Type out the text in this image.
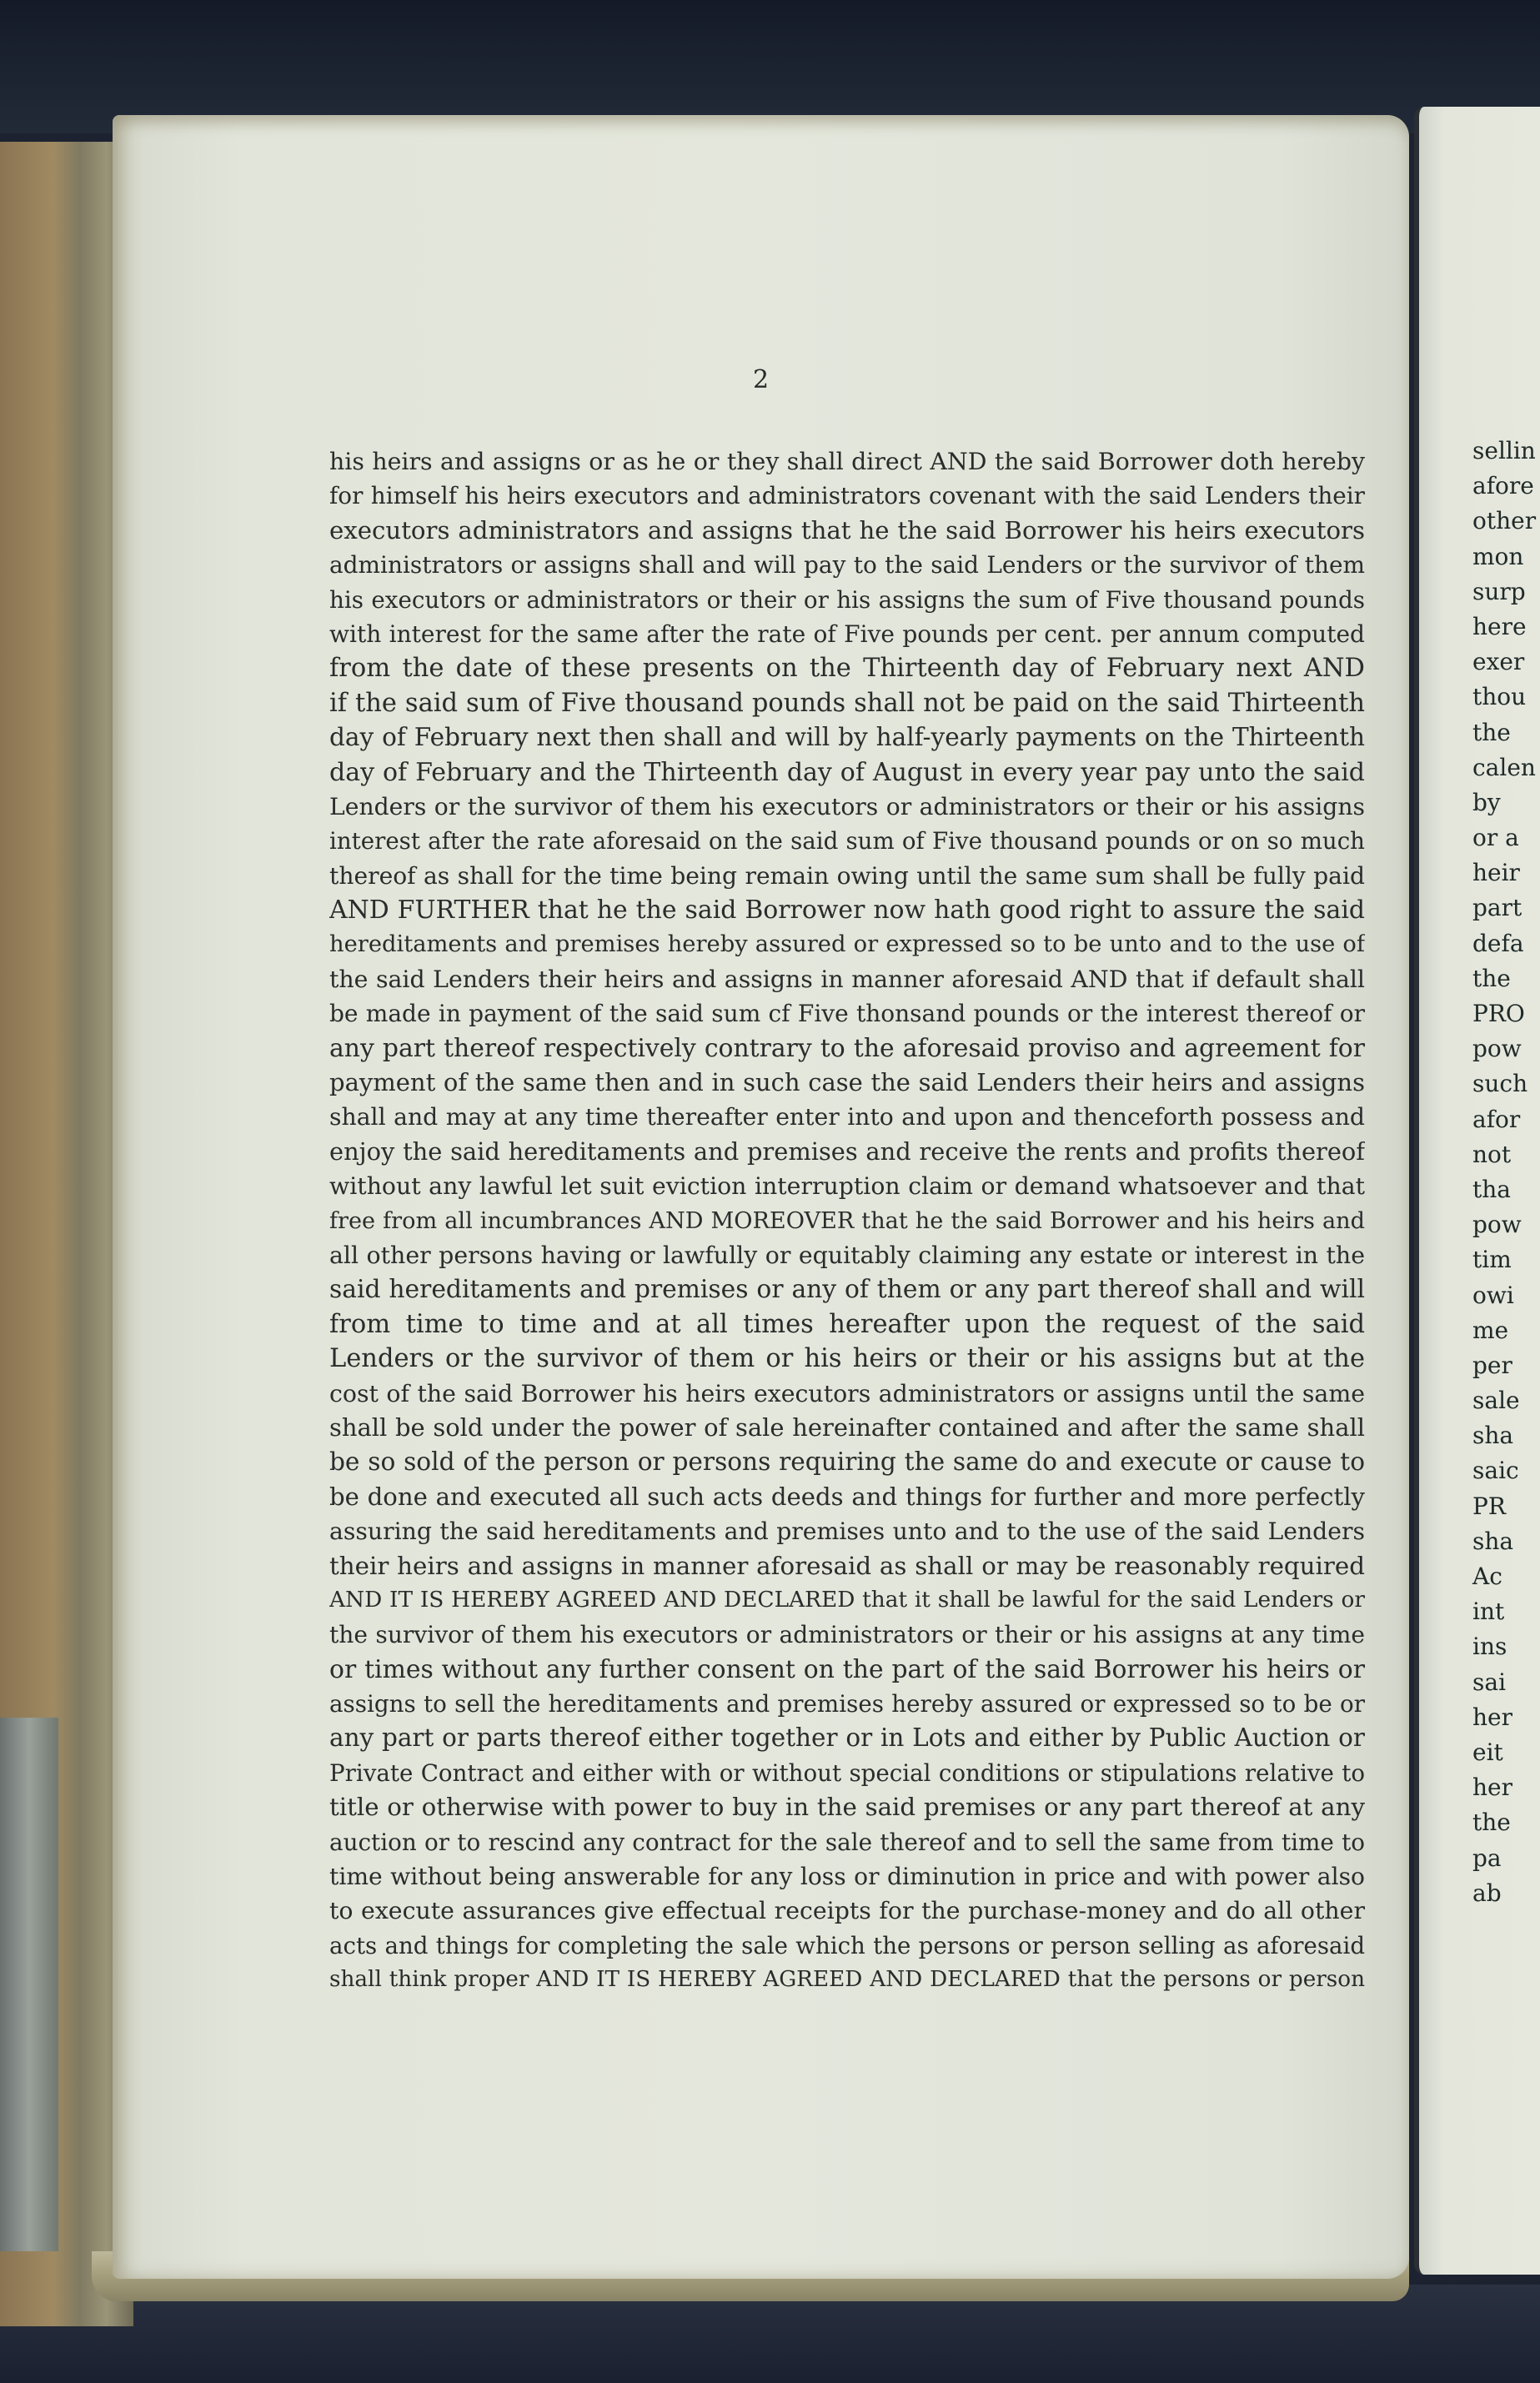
2
his heirs and assigns or as he or they shall direct AND the said Borrower doth hereby
for himself his heirs executors and administrators covenant with the said Lenders their
executors administrators and assigns that he the said Borrower his heirs executors
administrators or assigns shall and will pay to the said Lenders or the survivor of them
his executors or administrators or their or his assigns the sum of Five thousand pounds
with interest for the same after the rate of Five pounds per cent. per annum computed
from the date of these presents on the Thirteenth day of February next AND
if the said sum of Five thousand pounds shall not be paid on the said Thirteenth
day of February next then shall and will by half-yearly payments on the Thirteenth
day of February and the Thirteenth day of August in every year pay unto the said
Lenders or the survivor of them his executors or administrators or their or his assigns
interest after the rate aforesaid on the said sum of Five thousand pounds or on so much
thereof as shall for the time being remain owing until the same sum shall be fully paid
AND FURTHER that he the said Borrower now hath good right to assure the said
hereditaments and premises hereby assured or expressed so to be unto and to the use of
the said Lenders their heirs and assigns in manner aforesaid AND that if default shall
be made in payment of the said sum cf Five thonsand pounds or the interest thereof or
any part thereof respectively contrary to the aforesaid proviso and agreement for
payment of the same then and in such case the said Lenders their heirs and assigns
shall and may at any time thereafter enter into and upon and thenceforth possess and
enjoy the said hereditaments and premises and receive the rents and profits thereof
without any lawful let suit eviction interruption claim or demand whatsoever and that
free from all incumbrances AND MOREOVER that he the said Borrower and his heirs and
all other persons having or lawfully or equitably claiming any estate or interest in the
said hereditaments and premises or any of them or any part thereof shall and will
from time to time and at all times hereafter upon the request of the said
Lenders or the survivor of them or his heirs or their or his assigns but at the
cost of the said Borrower his heirs executors administrators or assigns until the same
shall be sold under the power of sale hereinafter contained and after the same shall
be so sold of the person or persons requiring the same do and execute or cause to
be done and executed all such acts deeds and things for further and more perfectly
assuring the said hereditaments and premises unto and to the use of the said Lenders
their heirs and assigns in manner aforesaid as shall or may be reasonably required
AND IT IS HEREBY AGREED AND DECLARED that it shall be lawful for the said Lenders or
the survivor of them his executors or administrators or their or his assigns at any time
or times without any further consent on the part of the said Borrower his heirs or
assigns to sell the hereditaments and premises hereby assured or expressed so to be or
any part or parts thereof either together or in Lots and either by Public Auction or
Private Contract and either with or without special conditions or stipulations relative to
title or otherwise with power to buy in the said premises or any part thereof at any
auction or to rescind any contract for the sale thereof and to sell the same from time to
time without being answerable for any loss or diminution in price and with power also
to execute assurances give effectual receipts for the purchase-money and do all other
acts and things for completing the sale which the persons or person selling as aforesaid
shall think proper AND IT IS HEREBY AGREED AND DECLARED that the persons or person
sellin
afore
other
mon
surp
here
exer
thou
the
calen
by
or a
heir
part
defa
the
PRO
pow
such
afor
not
tha
pow
tim
owi
me
per
sale
sha
saic
PR
sha
Ac
int
ins
sai
her
eit
her
the
pa
ab
